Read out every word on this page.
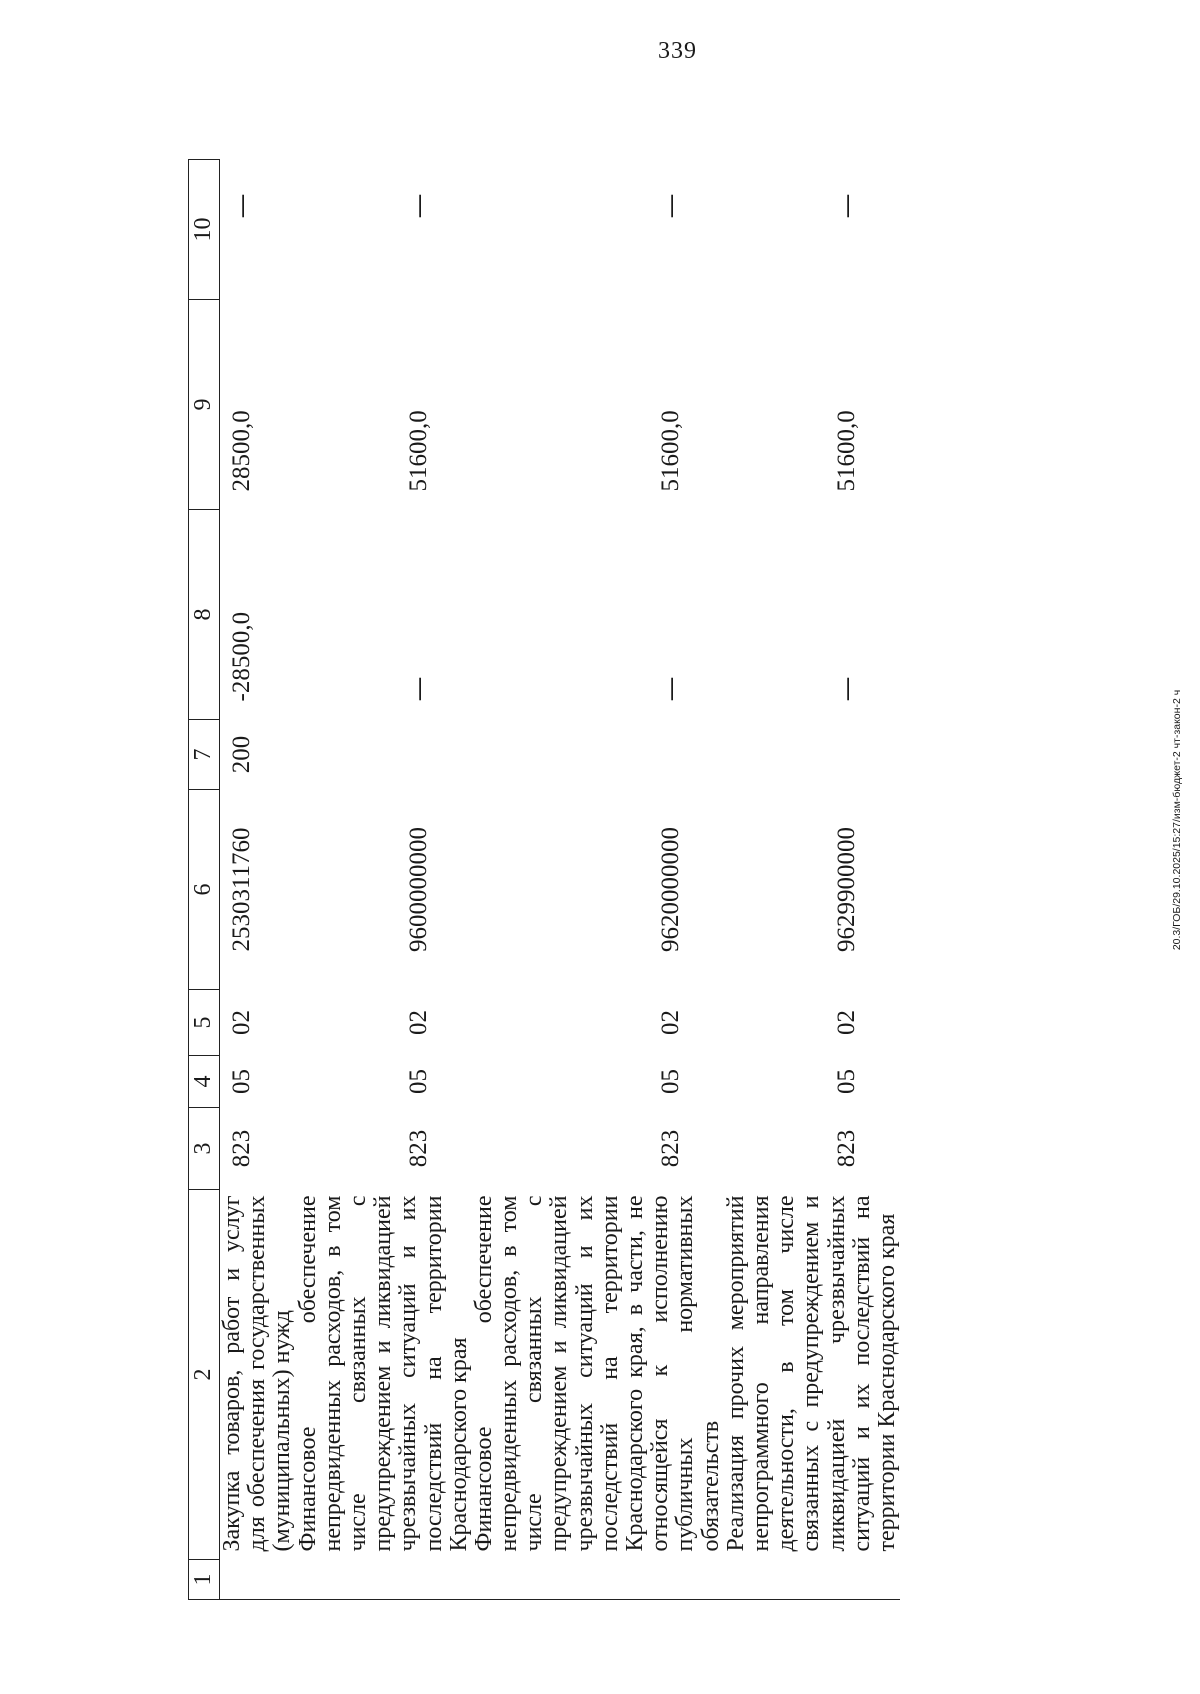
339
20.3/ГОБ/29.10.2025/15:27/изм-бюджет-2 чт-закон-2 ч
1	2	3	4	5	6	7	8	9	10
	Закупка товаров, работ и услуг для обеспечения государственных (муниципальных) нужд	823	05	02	2530311760	200	-28500,0	28500,0	—
	Финансовое обеспечение непредвиденных расходов, в том числе связанных с предупреждением и ликвидацией чрезвычайных ситуаций и их последствий на территории Краснодарского края	823	05	02	9600000000		—	51600,0	—
	Финансовое обеспечение непредвиденных расходов, в том числе связанных с предупреждением и ликвидацией чрезвычайных ситуаций и их последствий на территории Краснодарского края, в части, не относящейся к исполнению публичных нормативных обязательств	823	05	02	9620000000		—	51600,0	—
	Реализация прочих мероприятий непрограммного направления деятельности, в том числе связанных с предупреждением и ликвидацией чрезвычайных ситуаций и их последствий на территории Краснодарского края	823	05	02	9629900000		—	51600,0	—
